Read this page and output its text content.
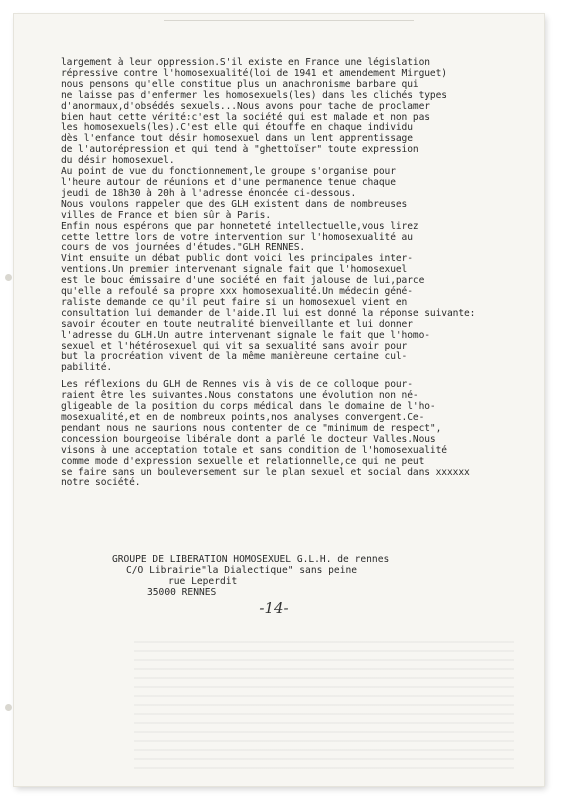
largement à leur oppression.S'il existe en France une législation
répressive contre l'homosexualité(loi de 1941 et amendement Mirguet)
nous pensons qu'elle constitue plus un anachronisme barbare qui
ne laisse pas d'enfermer les homosexuels(les) dans les clichés types
d'anormaux,d'obsédés sexuels...Nous avons pour tache de proclamer
bien haut cette vérité:c'est la société qui est malade et non pas
les homosexuels(les).C'est elle qui étouffe en chaque individu
dès l'enfance tout désir homosexuel dans un lent apprentissage
de l'autorépression et qui tend à "ghettoïser" toute expression
du désir homosexuel.
Au point de vue du fonctionnement,le groupe s'organise pour
l'heure autour de réunions et d'une permanence tenue chaque
jeudi de 18h30 à 20h à l'adresse énoncée ci-dessous.
Nous voulons rappeler que des GLH existent dans de nombreuses
villes de France et bien sûr à Paris.
Enfin nous espérons que par honneteté intellectuelle,vous lirez
cette lettre lors de votre intervention sur l'homosexualité au
cours de vos journées d'études."GLH RENNES.
Vint ensuite un débat public dont voici les principales inter-
ventions.Un premier intervenant signale fait que l'homosexuel
est le bouc émissaire d'une société en fait jalouse de lui,parce
qu'elle a refoulé sa propre xxx homosexualité.Un médecin géné-
raliste demande ce qu'il peut faire si un homosexuel vient en
consultation lui demander de l'aide.Il lui est donné la réponse suivante:
savoir écouter en toute neutralité bienveillante et lui donner
l'adresse du GLH.Un autre intervenant signale le fait que l'homo-
sexuel et l'hétérosexuel qui vit sa sexualité sans avoir pour
but la procréation vivent de la même manièreune certaine cul-
pabilité.
Les réflexions du GLH de Rennes vis à vis de ce colloque pour-
raient être les suivantes.Nous constatons une évolution non né-
gligeable de la position du corps médical dans le domaine de l'ho-
mosexualité,et en de nombreux points,nos analyses convergent.Ce-
pendant nous ne saurions nous contenter de ce "minimum de respect",
concession bourgeoise libérale dont a parlé le docteur Valles.Nous
visons à une acceptation totale et sans condition de l'homosexualité
comme mode d'expression sexuelle et relationnelle,ce qui ne peut
se faire sans un bouleversement sur le plan sexuel et social dans xxxxxx
notre société.
GROUPE DE LIBERATION HOMOSEXUEL G.L.H. de rennes
C/O Librairie"la Dialectique" sans peine
rue Leperdit
35000 RENNES
-14-
